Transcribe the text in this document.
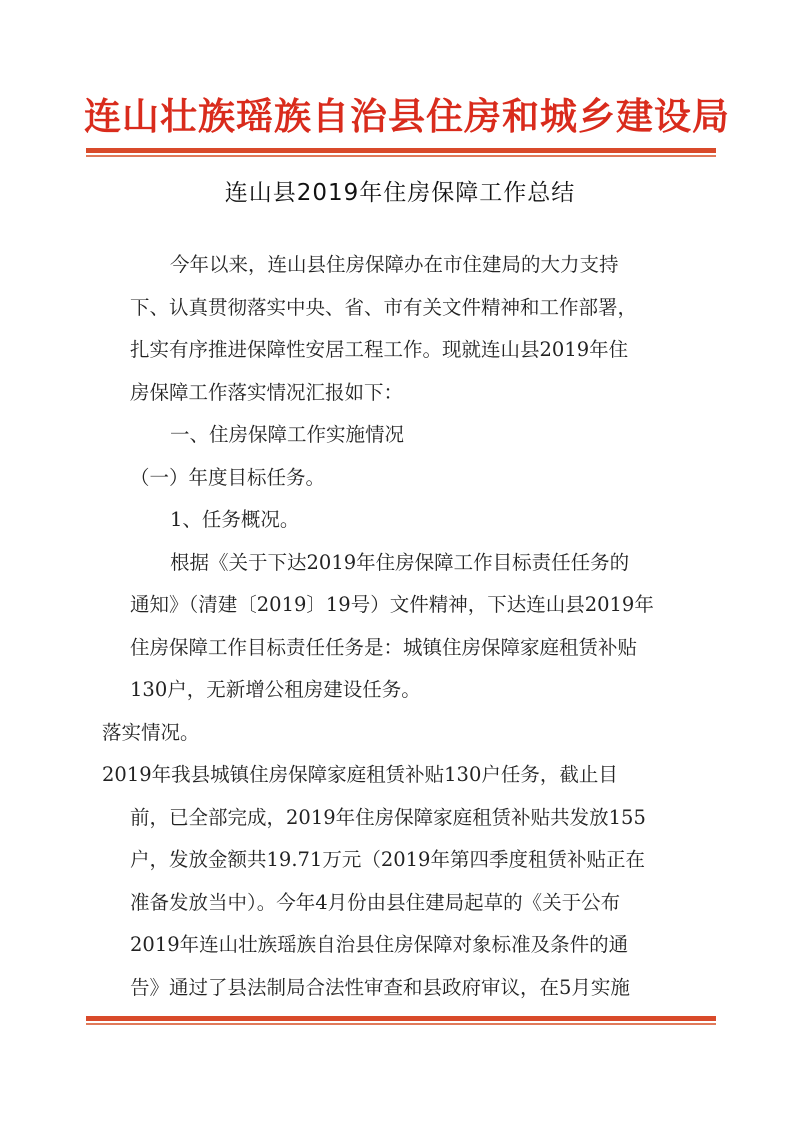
连山壮族瑶族自治县住房和城乡建设局
连山县2019年住房保障工作总结
今年以来，连山县住房保障办在市住建局的大力支持
下、认真贯彻落实中央、省、市有关文件精神和工作部署，
扎实有序推进保障性安居工程工作。现就连山县2019年住
房保障工作落实情况汇报如下：
一、住房保障工作实施情况
（一）年度目标任务。
1、任务概况。
根据《关于下达2019年住房保障工作目标责任任务的
通知》（清建〔2019〕19号）文件精神，下达连山县2019年
住房保障工作目标责任任务是：城镇住房保障家庭租赁补贴
130户，无新增公租房建设任务。
落实情况。
2019年我县城镇住房保障家庭租赁补贴130户任务，截止目
前，已全部完成，2019年住房保障家庭租赁补贴共发放155
户，发放金额共19.71万元（2019年第四季度租赁补贴正在
准备发放当中）。今年4月份由县住建局起草的《关于公布
2019年连山壮族瑶族自治县住房保障对象标准及条件的通
告》通过了县法制局合法性审查和县政府审议，在5月实施
